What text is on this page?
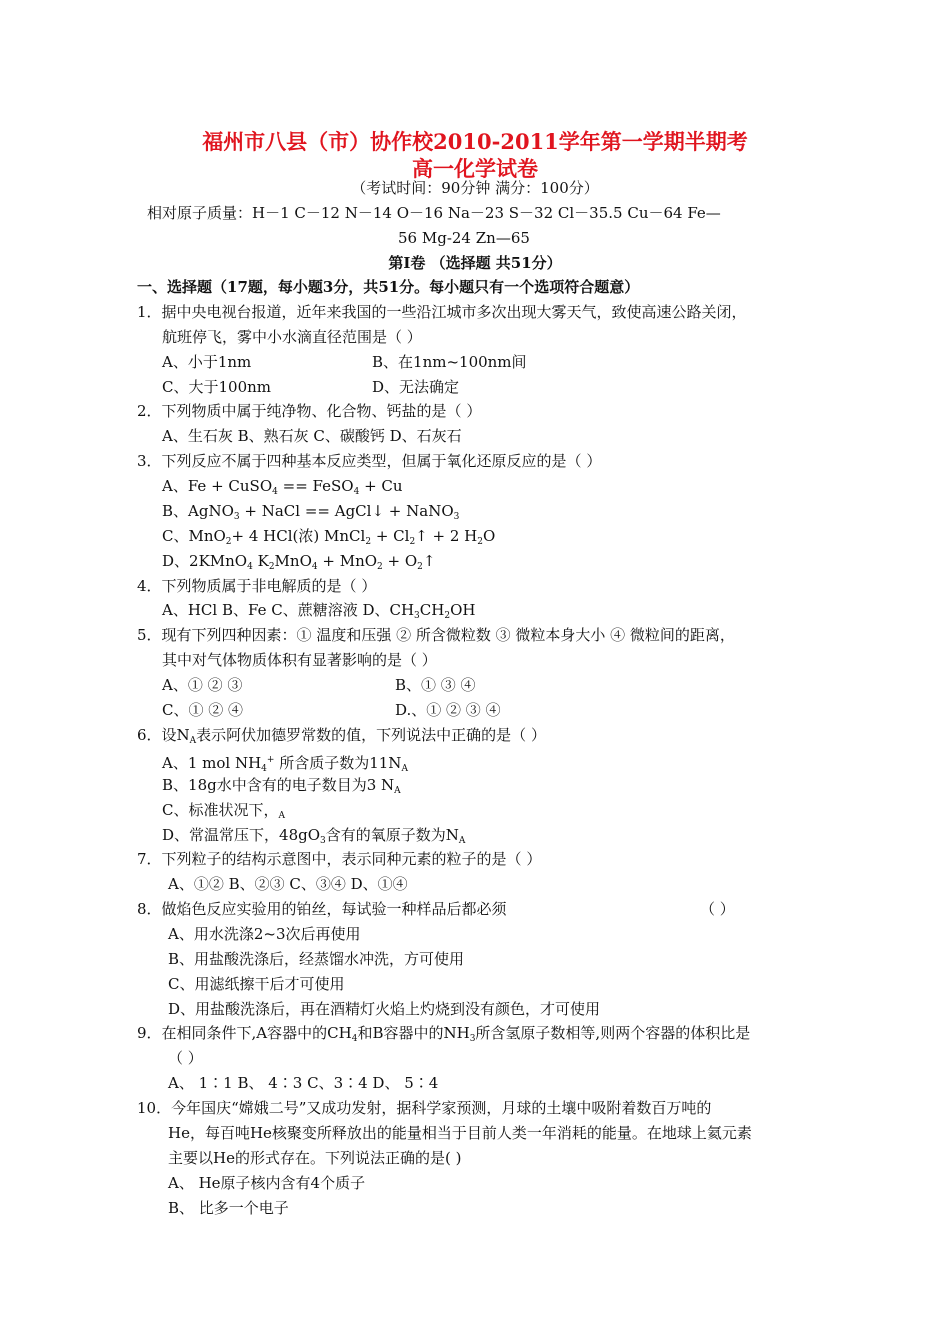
福州市八县（市）协作校2010-2011学年第一学期半期考
高一化学试卷
（考试时间：90分钟 满分：100分）
相对原子质量：H－1 C－12 N－14 O－16 Na－23 S－32 Cl－35.5 Cu－64 Fe—
56 Mg-24 Zn—65
第Ⅰ卷 （选择题 共51分）
一、选择题（17题，每小题3分，共51分。每小题只有一个选项符合题意）
1．据中央电视台报道，近年来我国的一些沿江城市多次出现大雾天气，致使高速公路关闭，
航班停飞，雾中小水滴直径范围是（ ）
A、小于1nm	B、在1nm~100nm间
C、大于100nm	D、无法确定
2．下列物质中属于纯净物、化合物、钙盐的是（ ）
A、生石灰 B、熟石灰 C、碳酸钙 D、石灰石
3．下列反应不属于四种基本反应类型，但属于氧化还原反应的是（ ）
A、Fe + CuSO$_4$ == FeSO$_4$ + Cu
B、AgNO$_3$ + NaCl == AgCl↓ + NaNO$_3$
C、MnO$_2$+ 4 HCl(浓) MnCl$_2$ + $Cl_2↑ + 2$ $H_2O$
D、2KMnO$_4$ $K_2MnO_4 + MnO_2$ + $O_2↑$
4．下列物质属于非电解质的是（ ）
A、HCl B、Fe C、蔗糖溶液 D、$CH_3CH_2OH$
5．现有下列四种因素：① 温度和压强 ② 所含微粒数 ③ 微粒本身大小 ④ 微粒间的距离，
其中对气体物质体积有显著影响的是（ ）
A、① ② ③	B、① ③ ④
C、① ② ④	D.、① ② ③ ④
6．设$N_A$表示阿伏加德罗常数的值，下列说法中正确的是（ ）
A、1 mol $NH_4^+$ 所含质子数为$11N_A$
B、18g水中含有的电子数目为3 $N_A$
C、标准状况下，$_A$
D、常温常压下，$48gO_3$含有的氧原子数为$N_A$
7．下列粒子的结构示意图中，表示同种元素的粒子的是（ ）
A、①② B、②③ C、③④ D、①④
8．做焰色反应实验用的铂丝，每试验一种样品后都必须	（ ）
A、用水洗涤2~3次后再使用
B、用盐酸洗涤后，经蒸馏水冲洗，方可使用
C、用滤纸擦干后才可使用
D、用盐酸洗涤后，再在酒精灯火焰上灼烧到没有颜色，才可使用
9．在相同条件下,A容器中的$CH_4$和B容器中的$NH_3$所含氢原子数相等,则两个容器的体积比是
（ ）
A、 1∶1 B、 4∶3 C、3∶4 D、 5∶4
10．今年国庆“嫦娥二号”又成功发射，据科学家预测，月球的土壤中吸附着数百万吨的
He，每百吨He核聚变所释放出的能量相当于目前人类一年消耗的能量。在地球上氦元素
主要以He的形式存在。下列说法正确的是( )
A、 He原子核内含有4个质子
B、 比多一个电子
